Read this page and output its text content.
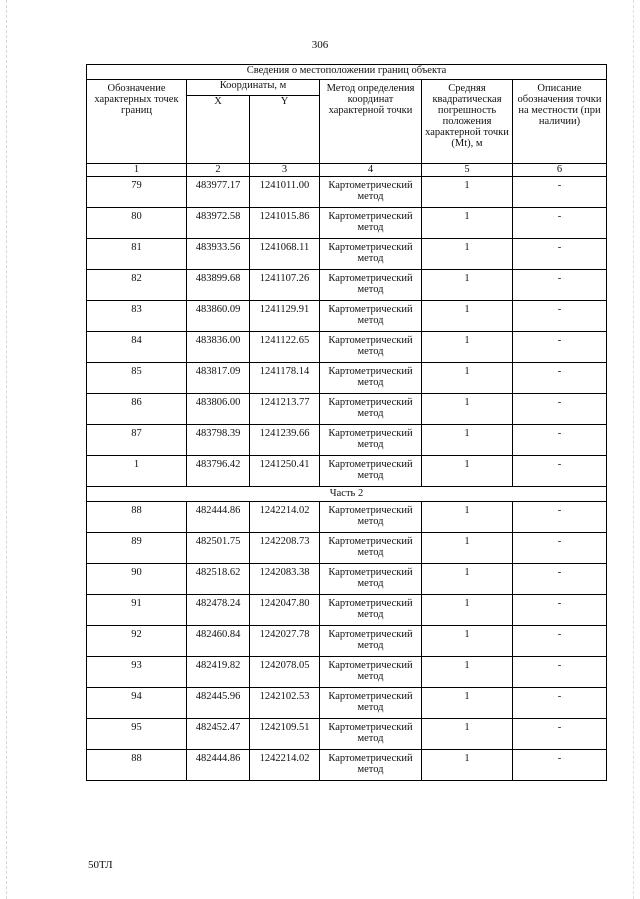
306
Сведения о местоположении границ объекта					
Обозначение характерных точек границ	Координаты, м		Метод определения координат характерной точки	Средняя квадратическая погрешность положения характерной точки (Mt), м	Описание обозначения точки на местности (при наличии)
	X	Y			
1	2	3	4	5	6
79	483977.17	1241011.00	Картометрический метод	1	-
80	483972.58	1241015.86	Картометрический метод	1	-
81	483933.56	1241068.11	Картометрический метод	1	-
82	483899.68	1241107.26	Картометрический метод	1	-
83	483860.09	1241129.91	Картометрический метод	1	-
84	483836.00	1241122.65	Картометрический метод	1	-
85	483817.09	1241178.14	Картометрический метод	1	-
86	483806.00	1241213.77	Картометрический метод	1	-
87	483798.39	1241239.66	Картометрический метод	1	-
1	483796.42	1241250.41	Картометрический метод	1	-
Часть 2					
88	482444.86	1242214.02	Картометрический метод	1	-
89	482501.75	1242208.73	Картометрический метод	1	-
90	482518.62	1242083.38	Картометрический метод	1	-
91	482478.24	1242047.80	Картометрический метод	1	-
92	482460.84	1242027.78	Картометрический метод	1	-
93	482419.82	1242078.05	Картометрический метод	1	-
94	482445.96	1242102.53	Картометрический метод	1	-
95	482452.47	1242109.51	Картометрический метод	1	-
88	482444.86	1242214.02	Картометрический метод	1	-
50ТЛ
